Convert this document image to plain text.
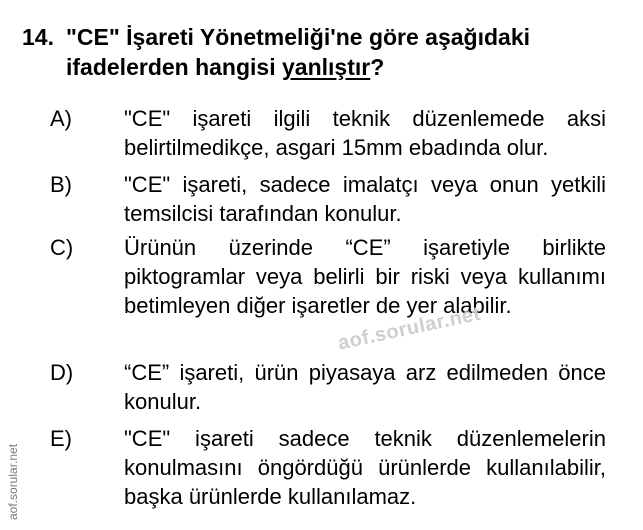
14. "CE" İşareti Yönetmeliği'ne göre aşağıdaki ifadelerden hangisi yanlıştır?
A) "CE" işareti ilgili teknik düzenlemede aksi belirtilmedikçe, asgari 15mm ebadında olur.
B) "CE" işareti, sadece imalatçı veya onun yetkili temsilcisi tarafından konulur.
C) Ürünün üzerinde “CE” işaretiyle birlikte piktogramlar veya belirli bir riski veya kullanımı betimleyen diğer işaretler de yer alabilir.
D) “CE” işareti, ürün piyasaya arz edilmeden önce konulur.
E) "CE" işareti sadece teknik düzenlemelerin konulmasını öngördüğü ürünlerde kullanılabilir, başka ürünlerde kullanılamaz.
aof.sorular.net
aof.sorular.net
